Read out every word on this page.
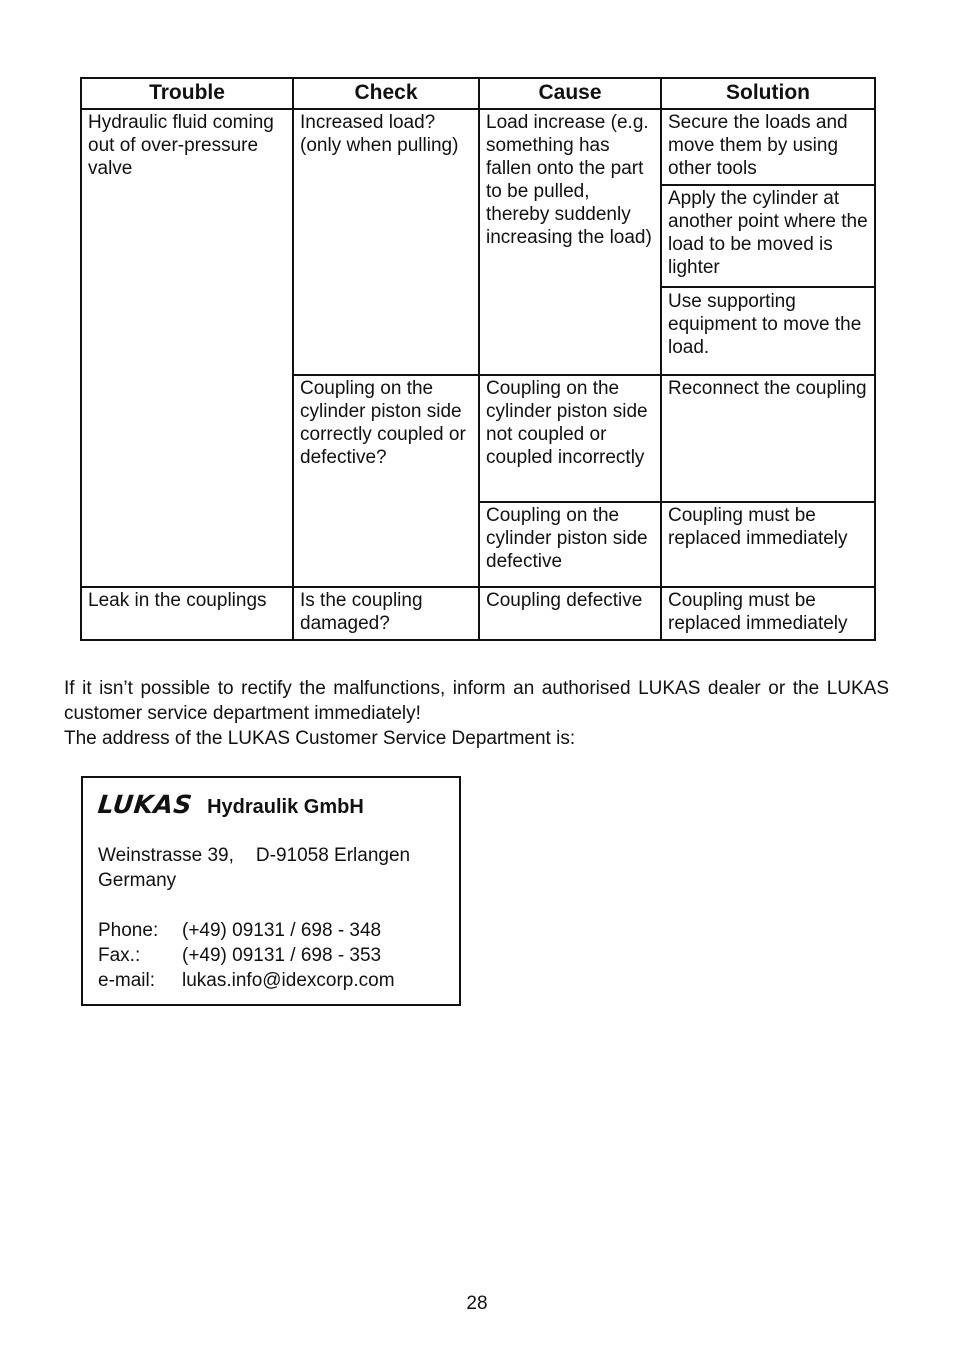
Trouble	Check	Cause	Solution
Hydraulic fluid coming out of over-pressure valve	Increased load? (only when pulling)	Load increase (e.g. something has fallen onto the part to be pulled, thereby suddenly increasing the load)	Secure the loads and move them by using other tools
			Apply the cylinder at another point where the load to be moved is lighter
			Use supporting equipment to move the load.
	Coupling on the cylinder piston side correctly coupled or defective?	Coupling on the cylinder piston side not coupled or coupled incorrectly	Reconnect the coupling
		Coupling on the cylinder piston side defective	Coupling must be replaced immediately
Leak in the couplings	Is the coupling damaged?	Coupling defective	Coupling must be replaced immediately

If it isn’t possible to rectify the malfunctions, inform an authorised LUKAS dealer or the LUKAS customer service department immediately!

The address of the LUKAS Customer Service Department is:

LUKAS Hydraulik GmbH
Weinstrasse 39, D-91058 Erlangen
Germany
Phone:	(+49) 09131 / 698 - 348
Fax.:	(+49) 09131 / 698 - 353
e-mail:	lukas.info@idexcorp.com
28
